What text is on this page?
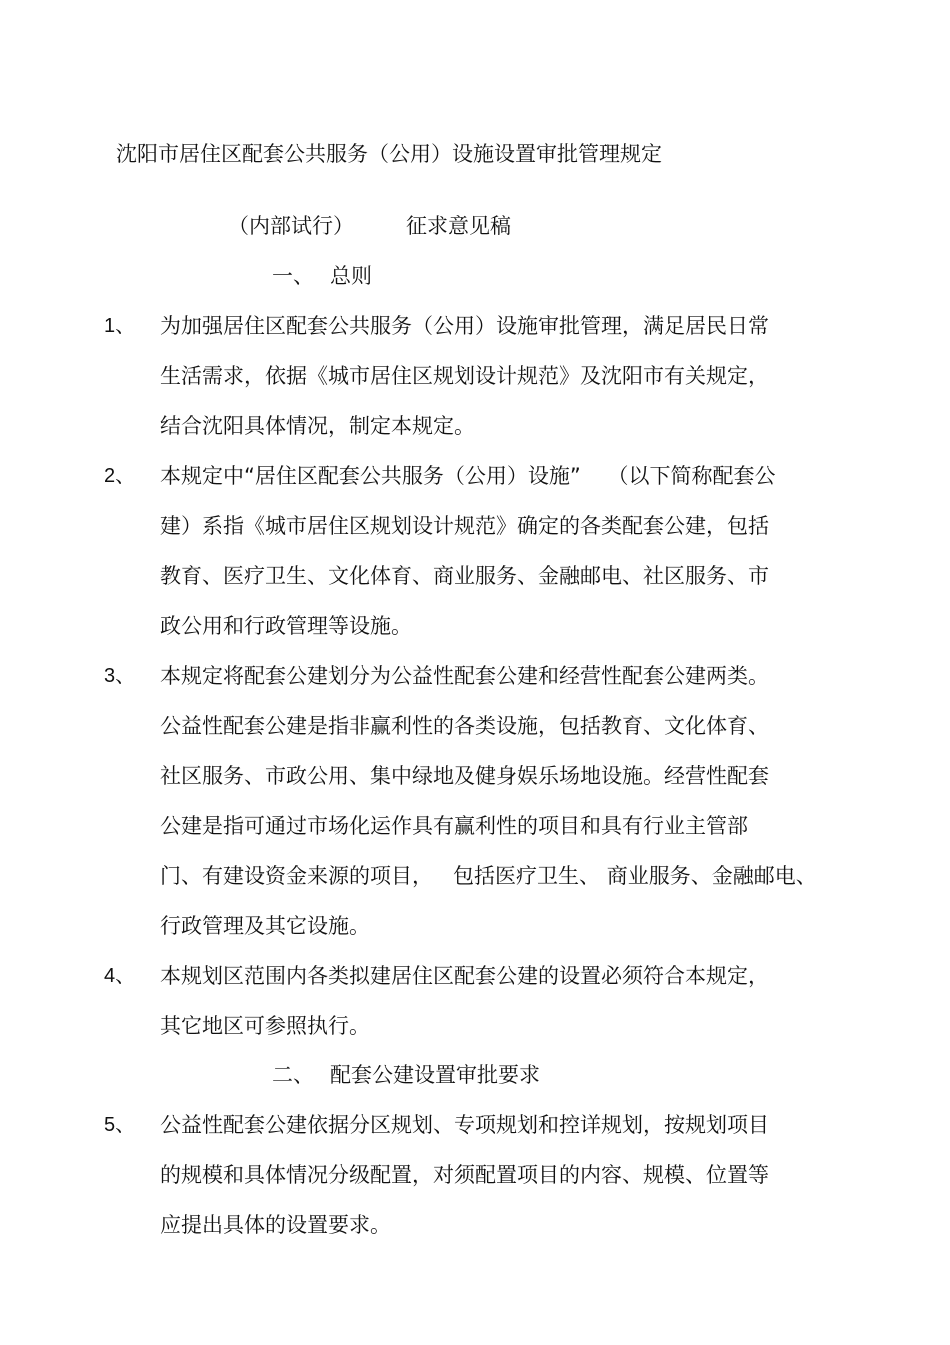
沈阳市居住区配套公共服务（公用）设施设置审批管理规定
（内部试行） 征求意见稿
一、 总则
1、 为加强居住区配套公共服务（公用）设施审批管理，满足居民日常
生活需求，依据《城市居住区规划设计规范》及沈阳市有关规定，
结合沈阳具体情况，制定本规定。
2、 本规定中“居住区配套公共服务（公用）设施”    （以下简称配套公
建）系指《城市居住区规划设计规范》确定的各类配套公建，包括
教育、医疗卫生、文化体育、商业服务、金融邮电、社区服务、市
政公用和行政管理等设施。
3、 本规定将配套公建划分为公益性配套公建和经营性配套公建两类。
公益性配套公建是指非赢利性的各类设施，包括教育、文化体育、
社区服务、市政公用、集中绿地及健身娱乐场地设施。经营性配套
公建是指可通过市场化运作具有赢利性的项目和具有行业主管部
门、有建设资金来源的项目，   包括医疗卫生、 商业服务、金融邮电、
行政管理及其它设施。
4、 本规划区范围内各类拟建居住区配套公建的设置必须符合本规定，
其它地区可参照执行。
二、 配套公建设置审批要求
5、 公益性配套公建依据分区规划、专项规划和控详规划，按规划项目
的规模和具体情况分级配置，对须配置项目的内容、规模、位置等
应提出具体的设置要求。
